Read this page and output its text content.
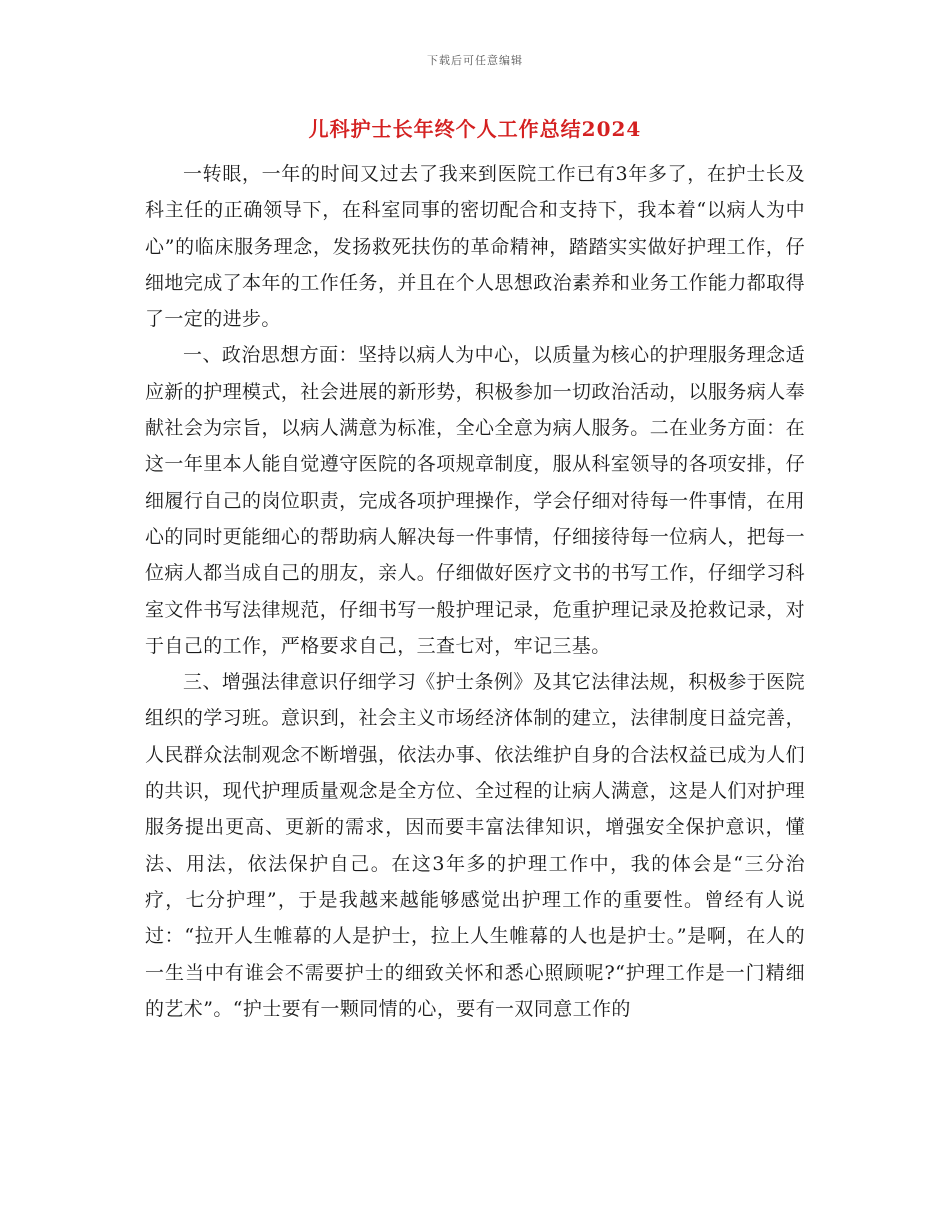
下载后可任意编辑
儿科护士长年终个人工作总结2024

一转眼，一年的时间又过去了我来到医院工作已有3年多了，在护士长及科主任的正确领导下，在科室同事的密切配合和支持下，我本着“以病人为中心”的临床服务理念，发扬救死扶伤的革命精神，踏踏实实做好护理工作，仔细地完成了本年的工作任务，并且在个人思想政治素养和业务工作能力都取得了一定的进步。

一、政治思想方面：坚持以病人为中心，以质量为核心的护理服务理念适应新的护理模式，社会进展的新形势，积极参加一切政治活动，以服务病人奉献社会为宗旨，以病人满意为标准，全心全意为病人服务。二在业务方面：在这一年里本人能自觉遵守医院的各项规章制度，服从科室领导的各项安排，仔细履行自己的岗位职责，完成各项护理操作，学会仔细对待每一件事情，在用心的同时更能细心的帮助病人解决每一件事情，仔细接待每一位病人，把每一位病人都当成自己的朋友，亲人。仔细做好医疗文书的书写工作，仔细学习科室文件书写法律规范，仔细书写一般护理记录，危重护理记录及抢救记录，对于自己的工作，严格要求自己，三查七对，牢记三基。

三、增强法律意识仔细学习《护士条例》及其它法律法规，积极参于医院组织的学习班。意识到，社会主义市场经济体制的建立，法律制度日益完善，人民群众法制观念不断增强，依法办事、依法维护自身的合法权益已成为人们的共识，现代护理质量观念是全方位、全过程的让病人满意，这是人们对护理服务提出更高、更新的需求，因而要丰富法律知识，增强安全保护意识，懂法、用法，依法保护自己。在这3年多的护理工作中，我的体会是“三分治疗，七分护理”，于是我越来越能够感觉出护理工作的重要性。曾经有人说过：“拉开人生帷幕的人是护士，拉上人生帷幕的人也是护士。”是啊，在人的一生当中有谁会不需要护士的细致关怀和悉心照顾呢?“护理工作是一门精细的艺术”。“护士要有一颗同情的心，要有一双同意工作的
